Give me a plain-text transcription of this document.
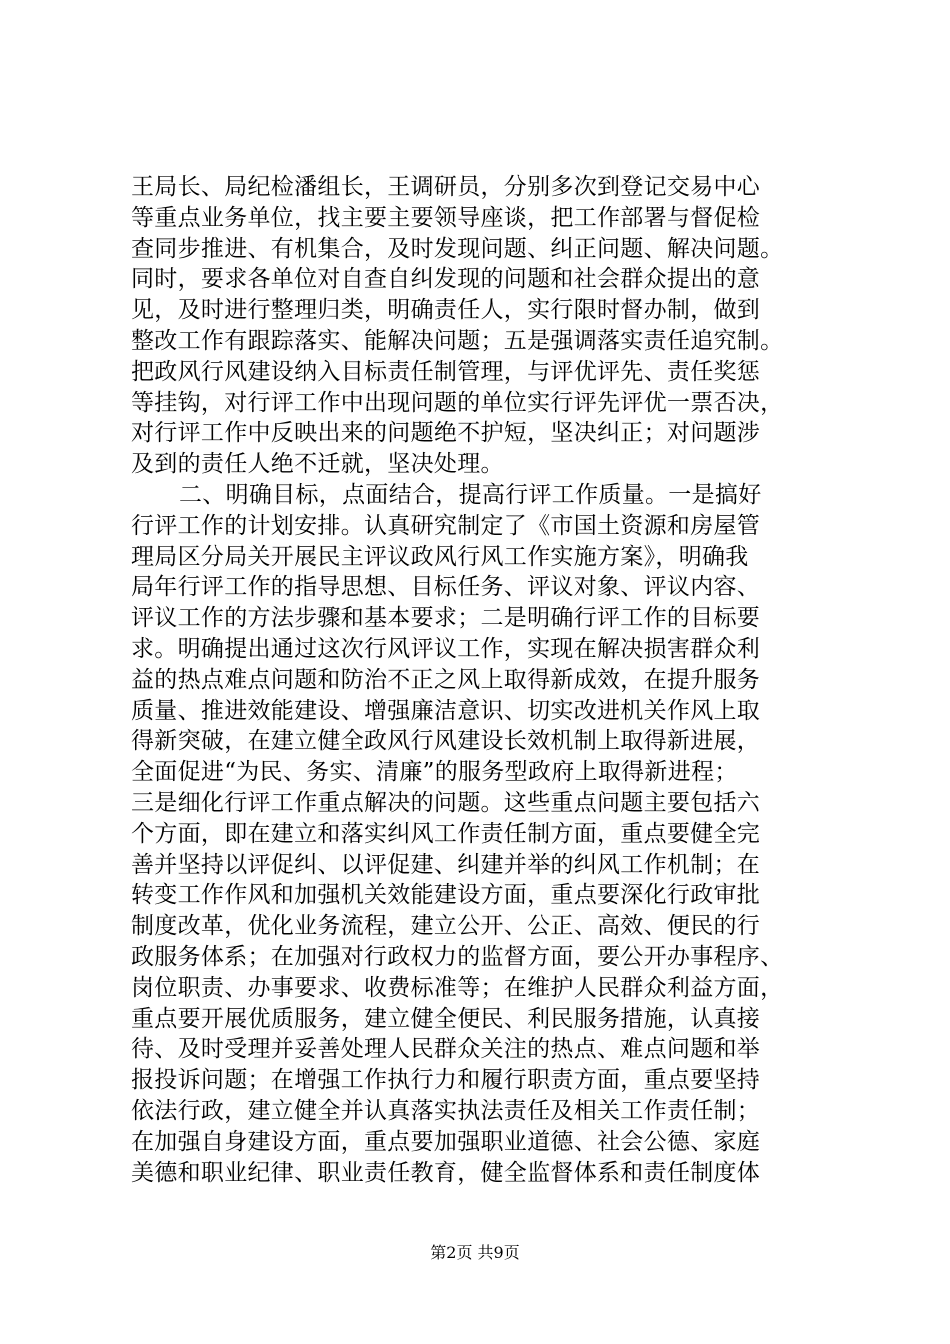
王局长、局纪检潘组长，王调研员，分别多次到登记交易中心
等重点业务单位，找主要主要领导座谈，把工作部署与督促检
查同步推进、有机集合，及时发现问题、纠正问题、解决问题。
同时，要求各单位对自查自纠发现的问题和社会群众提出的意
见，及时进行整理归类，明确责任人，实行限时督办制，做到
整改工作有跟踪落实、能解决问题；五是强调落实责任追究制。
把政风行风建设纳入目标责任制管理，与评优评先、责任奖惩
等挂钩，对行评工作中出现问题的单位实行评先评优一票否决，
对行评工作中反映出来的问题绝不护短，坚决纠正；对问题涉
及到的责任人绝不迁就，坚决处理。
二、明确目标，点面结合，提高行评工作质量。一是搞好
行评工作的计划安排。认真研究制定了《市国土资源和房屋管
理局区分局关开展民主评议政风行风工作实施方案》，明确我
局年行评工作的指导思想、目标任务、评议对象、评议内容、
评议工作的方法步骤和基本要求；二是明确行评工作的目标要
求。明确提出通过这次行风评议工作，实现在解决损害群众利
益的热点难点问题和防治不正之风上取得新成效，在提升服务
质量、推进效能建设、增强廉洁意识、切实改进机关作风上取
得新突破，在建立健全政风行风建设长效机制上取得新进展，
全面促进“为民、务实、清廉”的服务型政府上取得新进程；
三是细化行评工作重点解决的问题。这些重点问题主要包括六
个方面，即在建立和落实纠风工作责任制方面，重点要健全完
善并坚持以评促纠、以评促建、纠建并举的纠风工作机制；在
转变工作作风和加强机关效能建设方面，重点要深化行政审批
制度改革，优化业务流程，建立公开、公正、高效、便民的行
政服务体系；在加强对行政权力的监督方面，要公开办事程序、
岗位职责、办事要求、收费标准等；在维护人民群众利益方面，
重点要开展优质服务，建立健全便民、利民服务措施，认真接
待、及时受理并妥善处理人民群众关注的热点、难点问题和举
报投诉问题；在增强工作执行力和履行职责方面，重点要坚持
依法行政，建立健全并认真落实执法责任及相关工作责任制；
在加强自身建设方面，重点要加强职业道德、社会公德、家庭
美德和职业纪律、职业责任教育，健全监督体系和责任制度体
第2页 共9页
